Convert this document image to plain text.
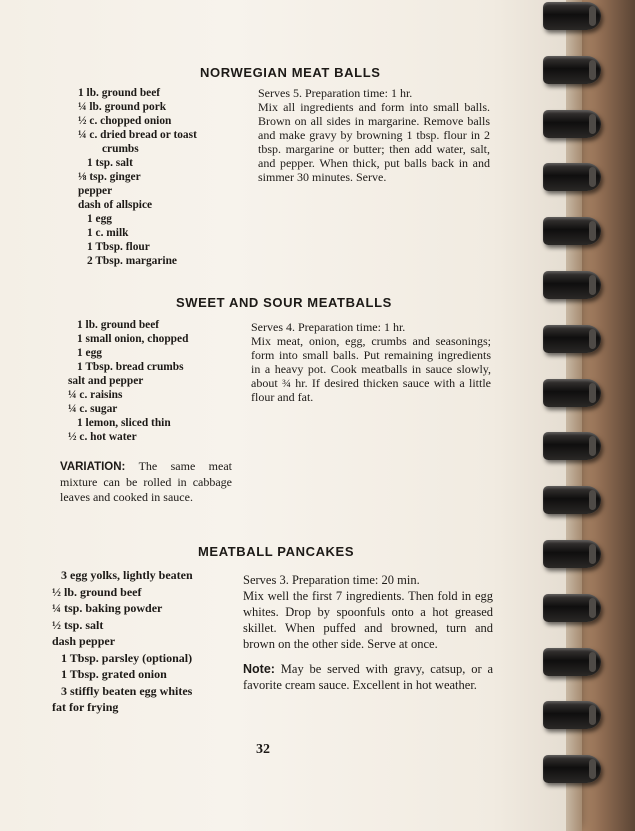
NORWEGIAN MEAT BALLS
1 lb. ground beef
¼ lb. ground pork
½ c. chopped onion
¼ c. dried bread or toast
crumbs
1 tsp. salt
⅛ tsp. ginger
pepper
dash of allspice
1 egg
1 c. milk
1 Tbsp. flour
2 Tbsp. margarine

Serves 5. Preparation time: 1 hr.

Mix all ingredients and form into small balls. Brown on all sides in margarine. Remove balls and make gravy by browning 1 tbsp. flour in 2 tbsp. margarine or butter; then add water, salt, and pepper. When thick, put balls back in and simmer 30 minutes. Serve.

SWEET AND SOUR MEATBALLS
1 lb. ground beef
1 small onion, chopped
1 egg
1 Tbsp. bread crumbs
salt and pepper
¼ c. raisins
¼ c. sugar
1 lemon, sliced thin
½ c. hot water

Serves 4. Preparation time: 1 hr.

Mix meat, onion, egg, crumbs and seasonings; form into small balls. Put remaining ingredients in a heavy pot. Cook meatballs in sauce slowly, about ¾ hr. If desired thicken sauce with a little flour and fat.

VARIATION: The same meat mixture can be rolled in cabbage leaves and cooked in sauce.
MEATBALL PANCAKES
3 egg yolks, lightly beaten
½ lb. ground beef
¼ tsp. baking powder
½ tsp. salt
dash pepper
1 Tbsp. parsley (optional)
1 Tbsp. grated onion
3 stiffly beaten egg whites
fat for frying

Serves 3. Preparation time: 20 min.

Mix well the first 7 ingredients. Then fold in egg whites. Drop by spoonfuls onto a hot greased skillet. When puffed and browned, turn and brown on the other side. Serve at once.

Note: May be served with gravy, catsup, or a favorite cream sauce. Excellent in hot weather.

32
